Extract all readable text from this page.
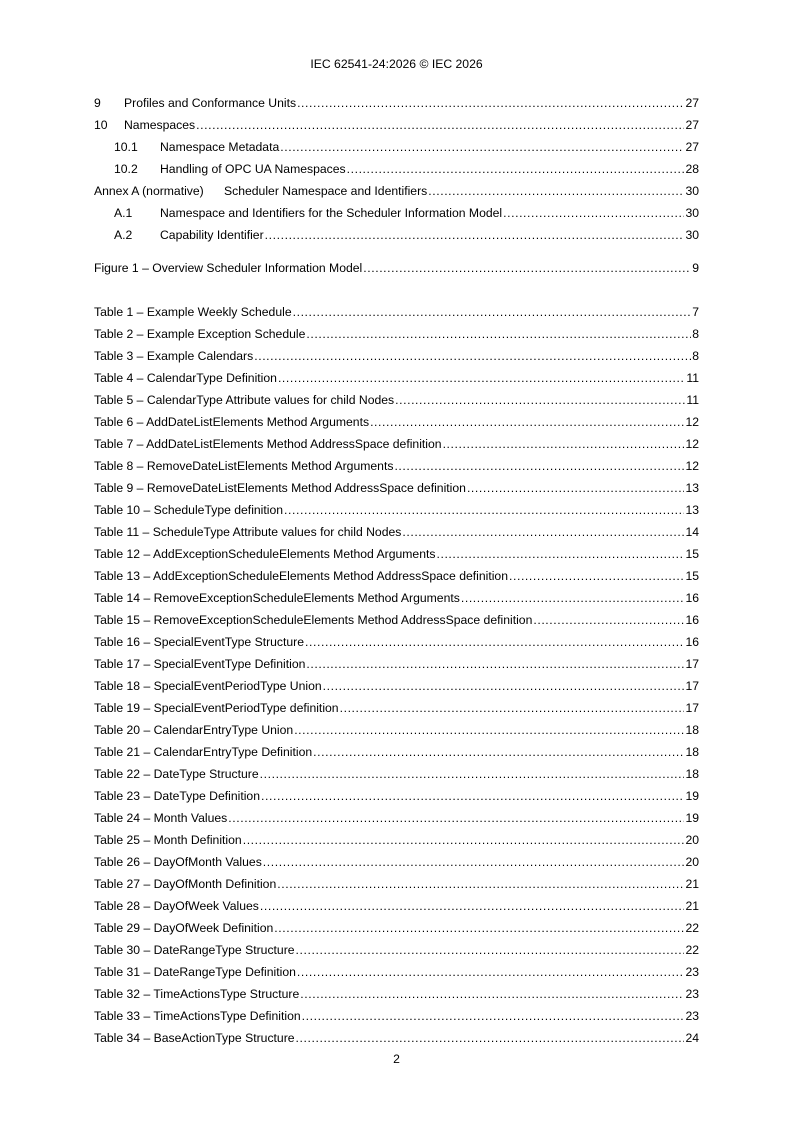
IEC 62541-24:2026 © IEC 2026
9	Profiles and Conformance Units .....	27
10	Namespaces .....	27
10.1	Namespace Metadata .....	27
10.2	Handling of OPC UA Namespaces .....	28
Annex A (normative)	Scheduler Namespace and Identifiers .....	30
A.1	Namespace and Identifiers for the Scheduler Information Model .....	30
A.2	Capability Identifier .....	30
Figure 1 – Overview Scheduler Information Model .....	9
Table 1 – Example Weekly Schedule .....	7
Table 2 – Example Exception Schedule .....	8
Table 3 – Example Calendars .....	8
Table 4 – CalendarType Definition .....	11
Table 5 – CalendarType Attribute values for child Nodes .....	11
Table 6 – AddDateListElements Method Arguments .....	12
Table 7 – AddDateListElements Method AddressSpace definition .....	12
Table 8 – RemoveDateListElements Method Arguments .....	12
Table 9 – RemoveDateListElements Method AddressSpace definition .....	13
Table 10 – ScheduleType definition .....	13
Table 11 – ScheduleType Attribute values for child Nodes .....	14
Table 12 – AddExceptionScheduleElements Method Arguments .....	15
Table 13 – AddExceptionScheduleElements Method AddressSpace definition .....	15
Table 14 – RemoveExceptionScheduleElements Method Arguments .....	16
Table 15 – RemoveExceptionScheduleElements Method AddressSpace definition .....	16
Table 16 – SpecialEventType Structure .....	16
Table 17 – SpecialEventType Definition .....	17
Table 18 – SpecialEventPeriodType Union .....	17
Table 19 – SpecialEventPeriodType definition .....	17
Table 20 – CalendarEntryType Union .....	18
Table 21 – CalendarEntryType Definition .....	18
Table 22 – DateType Structure .....	18
Table 23 – DateType Definition .....	19
Table 24 – Month Values .....	19
Table 25 – Month Definition .....	20
Table 26 – DayOfMonth Values .....	20
Table 27 – DayOfMonth Definition .....	21
Table 28 – DayOfWeek Values .....	21
Table 29 – DayOfWeek Definition .....	22
Table 30 – DateRangeType Structure .....	22
Table 31 – DateRangeType Definition .....	23
Table 32 – TimeActionsType Structure .....	23
Table 33 – TimeActionsType Definition .....	23
Table 34 – BaseActionType Structure .....	24
2
